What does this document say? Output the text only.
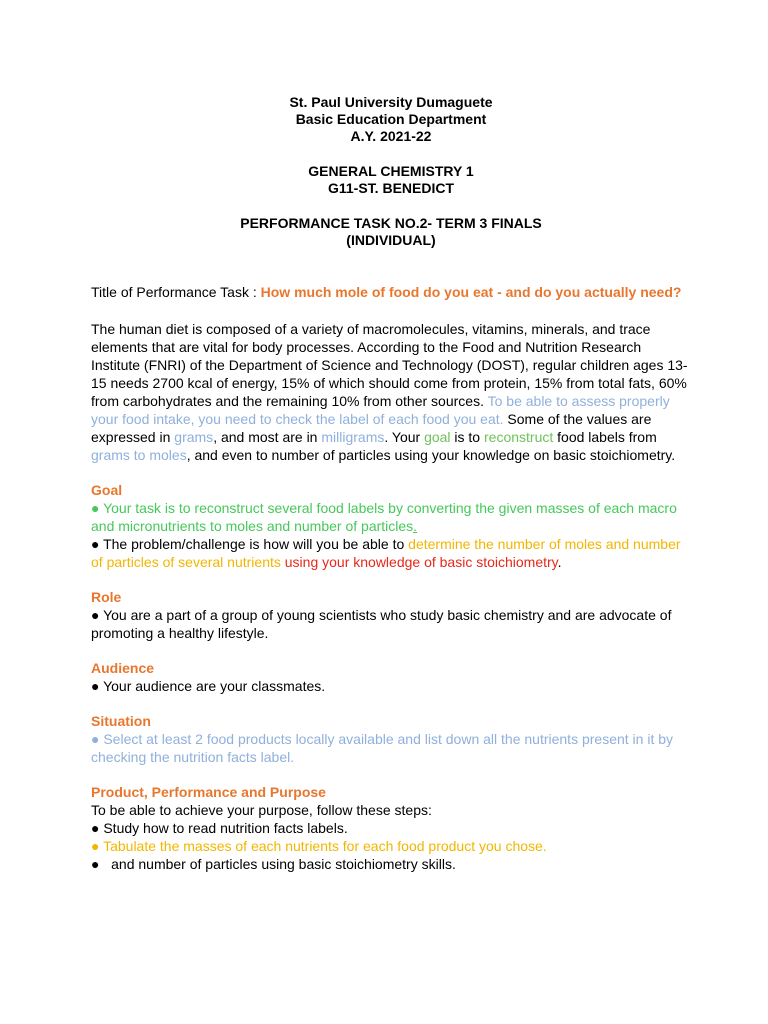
St. Paul University Dumaguete
Basic Education Department
A.Y. 2021-22
GENERAL CHEMISTRY 1
G11-ST. BENEDICT
PERFORMANCE TASK NO.2- TERM 3 FINALS
(INDIVIDUAL)
Title of Performance Task : How much mole of food do you eat - and do you actually need?
The human diet is composed of a variety of macromolecules, vitamins, minerals, and trace elements that are vital for body processes. According to the Food and Nutrition Research Institute (FNRI) of the Department of Science and Technology (DOST), regular children ages 13-15 needs 2700 kcal of energy, 15% of which should come from protein, 15% from total fats, 60% from carbohydrates and the remaining 10% from other sources. To be able to assess properly your food intake, you need to check the label of each food you eat. Some of the values are expressed in grams, and most are in milligrams. Your goal is to reconstruct food labels from grams to moles, and even to number of particles using your knowledge on basic stoichiometry.
Goal
● Your task is to reconstruct several food labels by converting the given masses of each macro and micronutrients to moles and number of particles.
● The problem/challenge is how will you be able to determine the number of moles and number of particles of several nutrients using your knowledge of basic stoichiometry.
Role
● You are a part of a group of young scientists who study basic chemistry and are advocate of promoting a healthy lifestyle.
Audience
● Your audience are your classmates.
Situation
● Select at least 2 food products locally available and list down all the nutrients present in it by checking the nutrition facts label.
Product, Performance and Purpose
To be able to achieve your purpose, follow these steps:
● Study how to read nutrition facts labels.
● Tabulate the masses of each nutrients for each food product you chose.
●   and number of particles using basic stoichiometry skills.
